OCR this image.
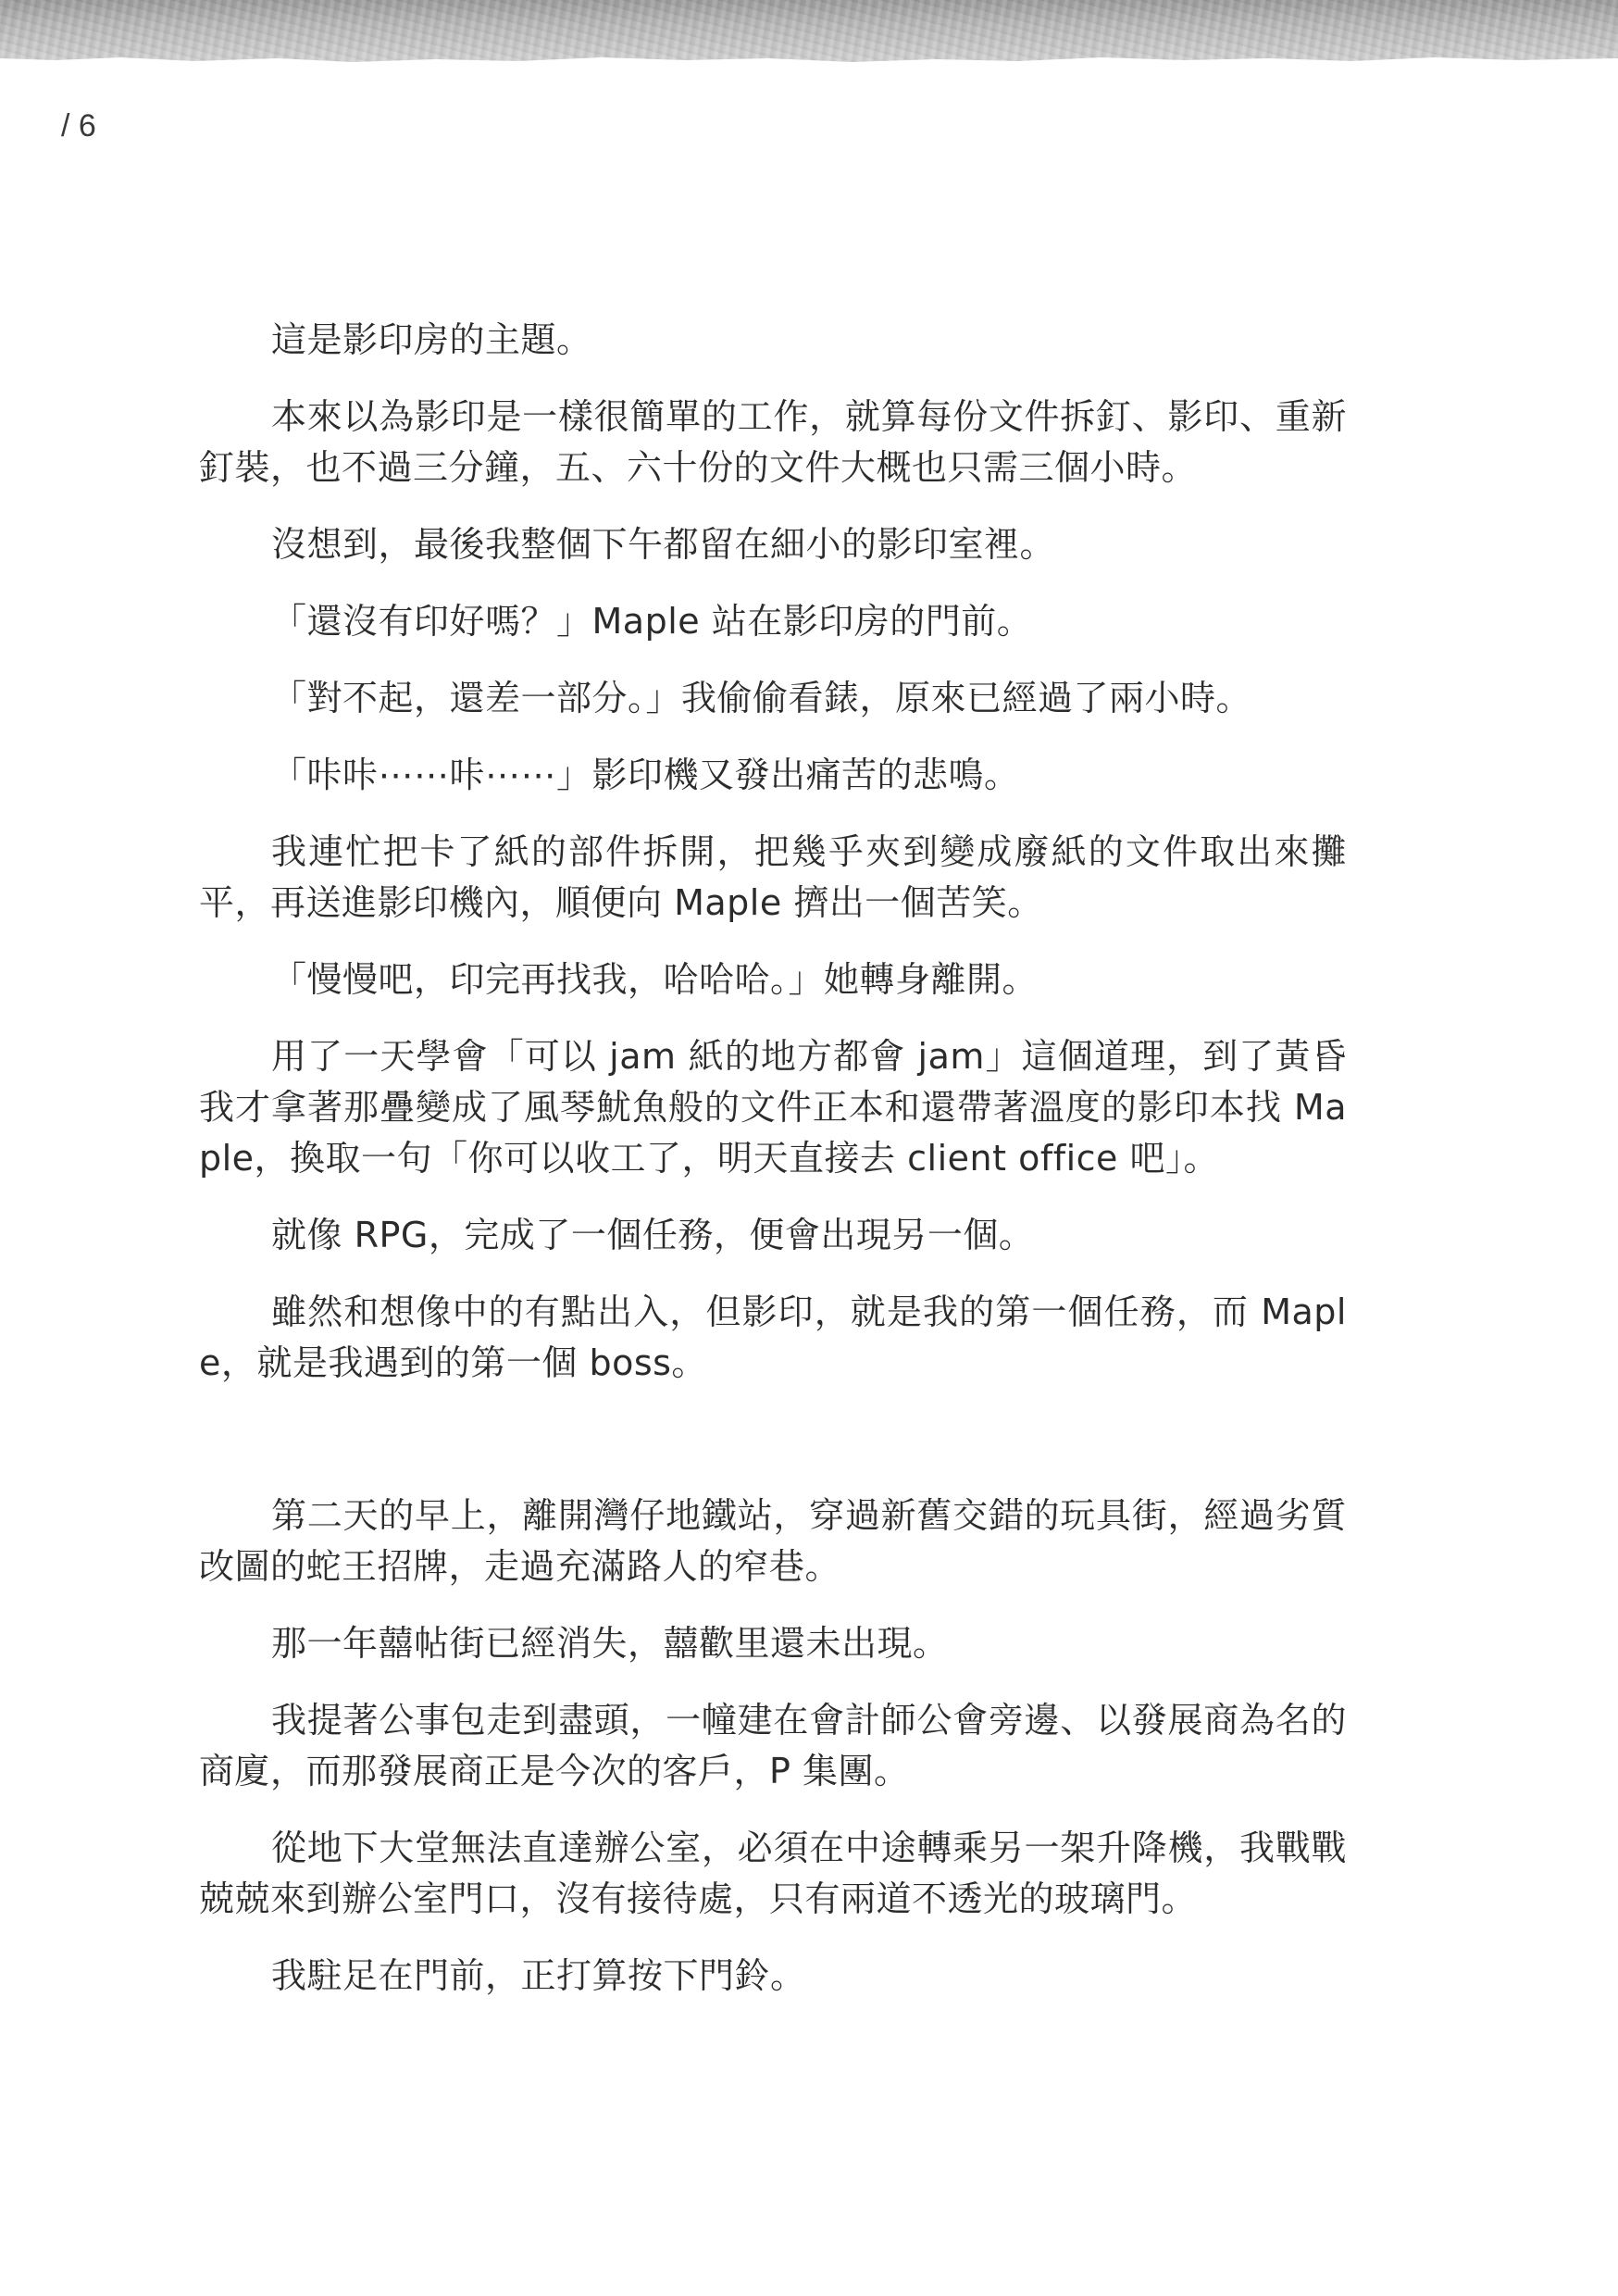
/ 6

這是影印房的主題。

本來以為影印是一樣很簡單的工作，就算每份文件拆釘、影印、重新釘裝，也不過三分鐘，五、六十份的文件大概也只需三個小時。

沒想到，最後我整個下午都留在細小的影印室裡。

「還沒有印好嗎？」Maple 站在影印房的門前。

「對不起，還差一部分。」我偷偷看錶，原來已經過了兩小時。

「咔咔⋯⋯咔⋯⋯」影印機又發出痛苦的悲鳴。

我連忙把卡了紙的部件拆開，把幾乎夾到變成廢紙的文件取出來攤平，再送進影印機內，順便向 Maple 擠出一個苦笑。

「慢慢吧，印完再找我，哈哈哈。」她轉身離開。

用了一天學會「可以 jam 紙的地方都會 jam」這個道理，到了黃昏我才拿著那疊變成了風琴魷魚般的文件正本和還帶著溫度的影印本找 Maple，換取一句「你可以收工了，明天直接去 client office 吧」。

就像 RPG，完成了一個任務，便會出現另一個。

雖然和想像中的有點出入，但影印，就是我的第一個任務，而 Maple，就是我遇到的第一個 boss。

第二天的早上，離開灣仔地鐵站，穿過新舊交錯的玩具街，經過劣質改圖的蛇王招牌，走過充滿路人的窄巷。

那一年囍帖街已經消失，囍歡里還未出現。

我提著公事包走到盡頭，一幢建在會計師公會旁邊、以發展商為名的商廈，而那發展商正是今次的客戶，P 集團。

從地下大堂無法直達辦公室，必須在中途轉乘另一架升降機，我戰戰兢兢來到辦公室門口，沒有接待處，只有兩道不透光的玻璃門。

我駐足在門前，正打算按下門鈴。
